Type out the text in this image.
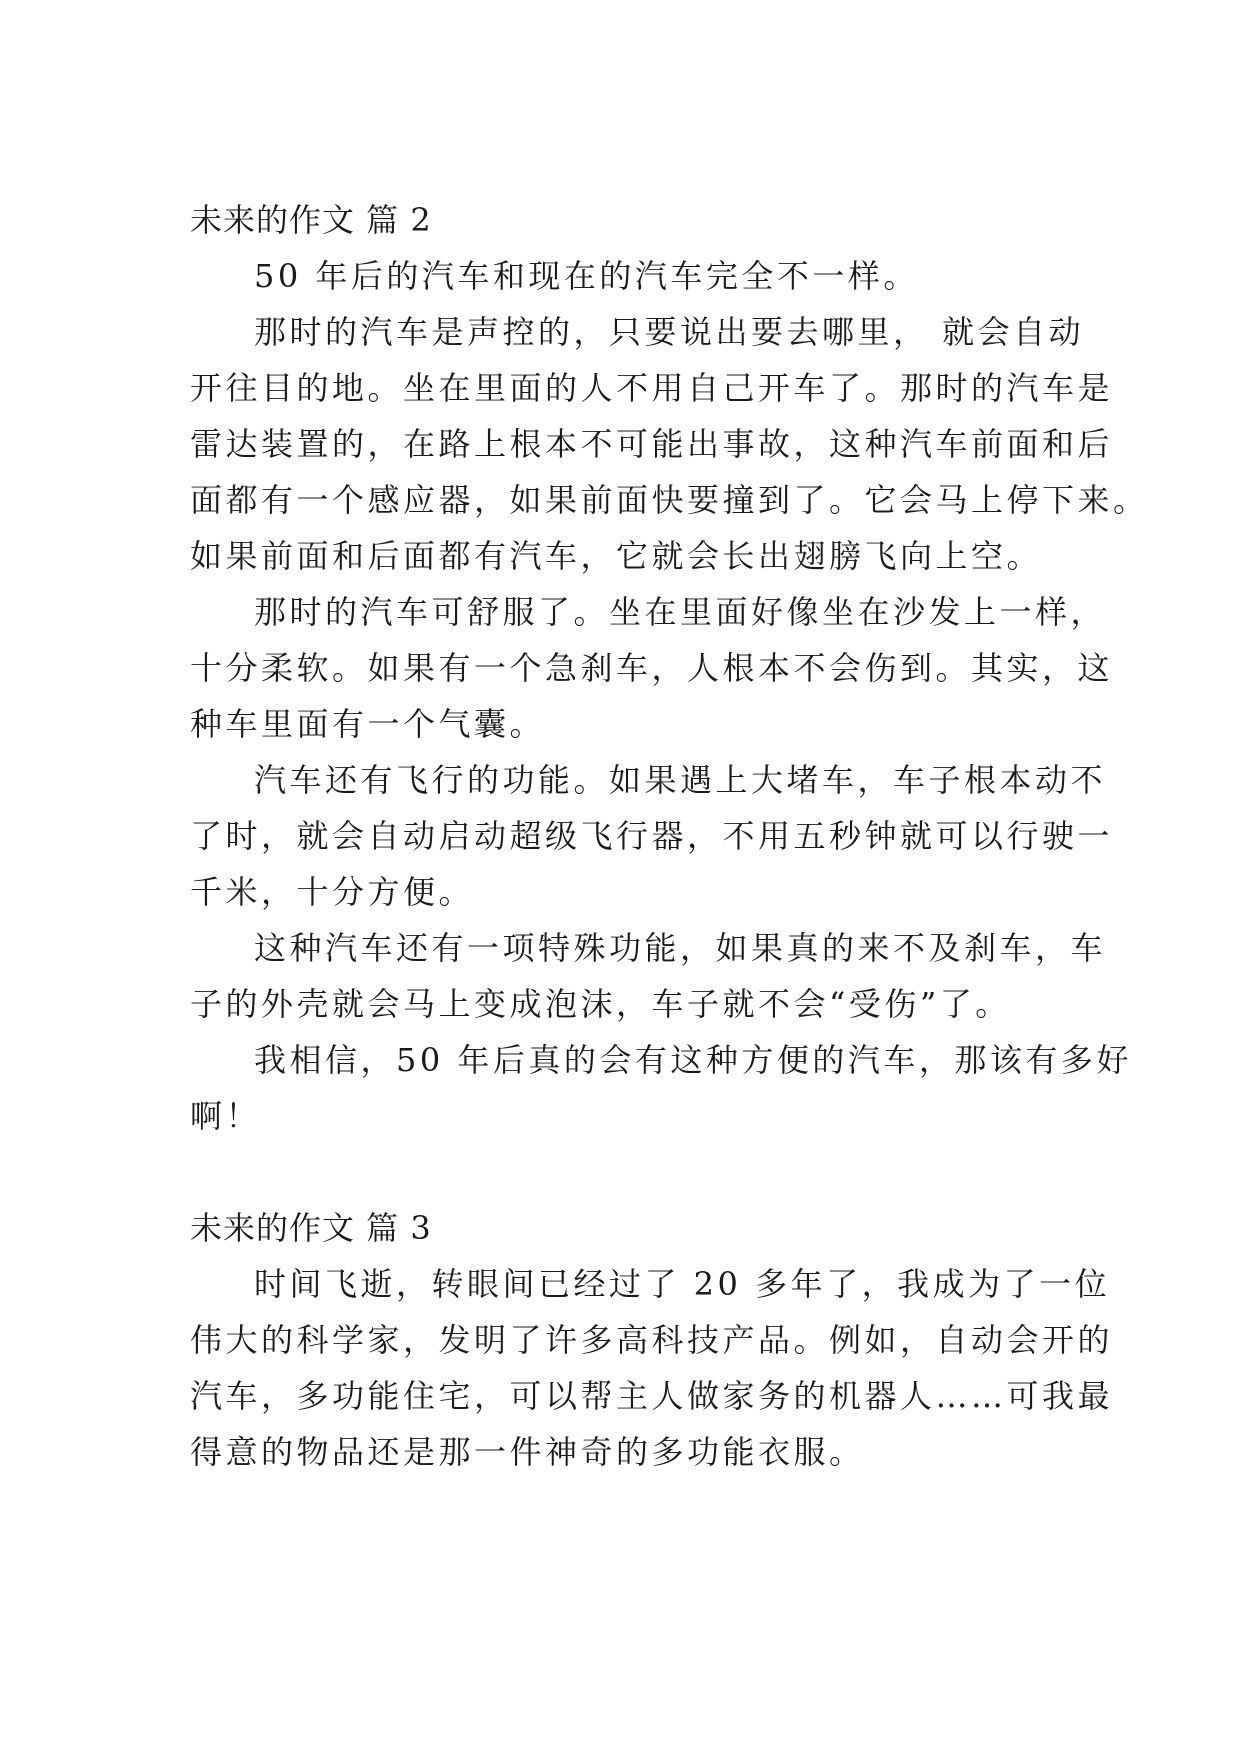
未来的作文 篇 2
50 年后的汽车和现在的汽车完全不一样。
那时的汽车是声控的，只要说出要去哪里， 就会自动
开往目的地。坐在里面的人不用自己开车了。那时的汽车是
雷达装置的，在路上根本不可能出事故，这种汽车前面和后
面都有一个感应器，如果前面快要撞到了。它会马上停下来。
如果前面和后面都有汽车，它就会长出翅膀飞向上空。
那时的汽车可舒服了。坐在里面好像坐在沙发上一样，
十分柔软。如果有一个急刹车，人根本不会伤到。其实，这
种车里面有一个气囊。
汽车还有飞行的功能。如果遇上大堵车，车子根本动不
了时，就会自动启动超级飞行器，不用五秒钟就可以行驶一
千米，十分方便。
这种汽车还有一项特殊功能，如果真的来不及刹车，车
子的外壳就会马上变成泡沫，车子就不会“受伤”了。
我相信，50 年后真的会有这种方便的汽车，那该有多好
啊！
未来的作文 篇 3
时间飞逝，转眼间已经过了 20 多年了，我成为了一位
伟大的科学家，发明了许多高科技产品。例如，自动会开的
汽车，多功能住宅，可以帮主人做家务的机器人……可我最
得意的物品还是那一件神奇的多功能衣服。
